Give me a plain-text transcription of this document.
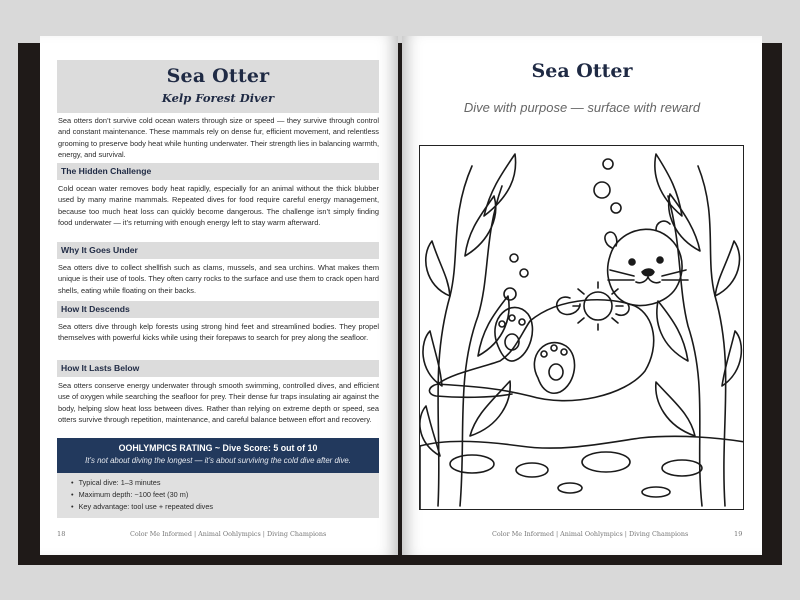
Sea Otter
Kelp Forest Diver

Sea otters don’t survive cold ocean waters through size or speed — they survive through control and constant maintenance. These mammals rely on dense fur, efficient movement, and relentless grooming to preserve body heat while hunting underwater. Their strength lies in balancing warmth, energy, and survival.

The Hidden Challenge

Cold ocean water removes body heat rapidly, especially for an animal without the thick blubber used by many marine mammals. Repeated dives for food require careful energy management, because too much heat loss can quickly become dangerous. The challenge isn’t simply finding food underwater — it’s returning with enough energy left to stay warm afterward.

Why It Goes Under

Sea otters dive to collect shellfish such as clams, mussels, and sea urchins. What makes them unique is their use of tools. They often carry rocks to the surface and use them to crack open hard shells, eating while floating on their backs.

How It Descends

Sea otters dive through kelp forests using strong hind feet and streamlined bodies. They propel themselves with powerful kicks while using their forepaws to search for prey along the seafloor.

How It Lasts Below

Sea otters conserve energy underwater through smooth swimming, controlled dives, and efficient use of oxygen while searching the seafloor for prey. Their dense fur traps insulating air against the body, helping slow heat loss between dives. Rather than relying on extreme depth or speed, sea otters survive through repetition, maintenance, and careful balance between effort and recovery.

OOHLYMPICS RATING ~ Dive Score: 5 out of 10
It’s not about diving the longest — it’s about surviving the cold dive after dive.
• Typical dive: 1–3 minutes
• Maximum depth: ~100 feet (30 m)
• Key advantage: tool use + repeated dives
18	Color Me Informed | Animal Oohlympics | Diving Champions
Sea Otter
Dive with purpose — surface with reward
Color Me Informed | Animal Oohlympics | Diving Champions	19
